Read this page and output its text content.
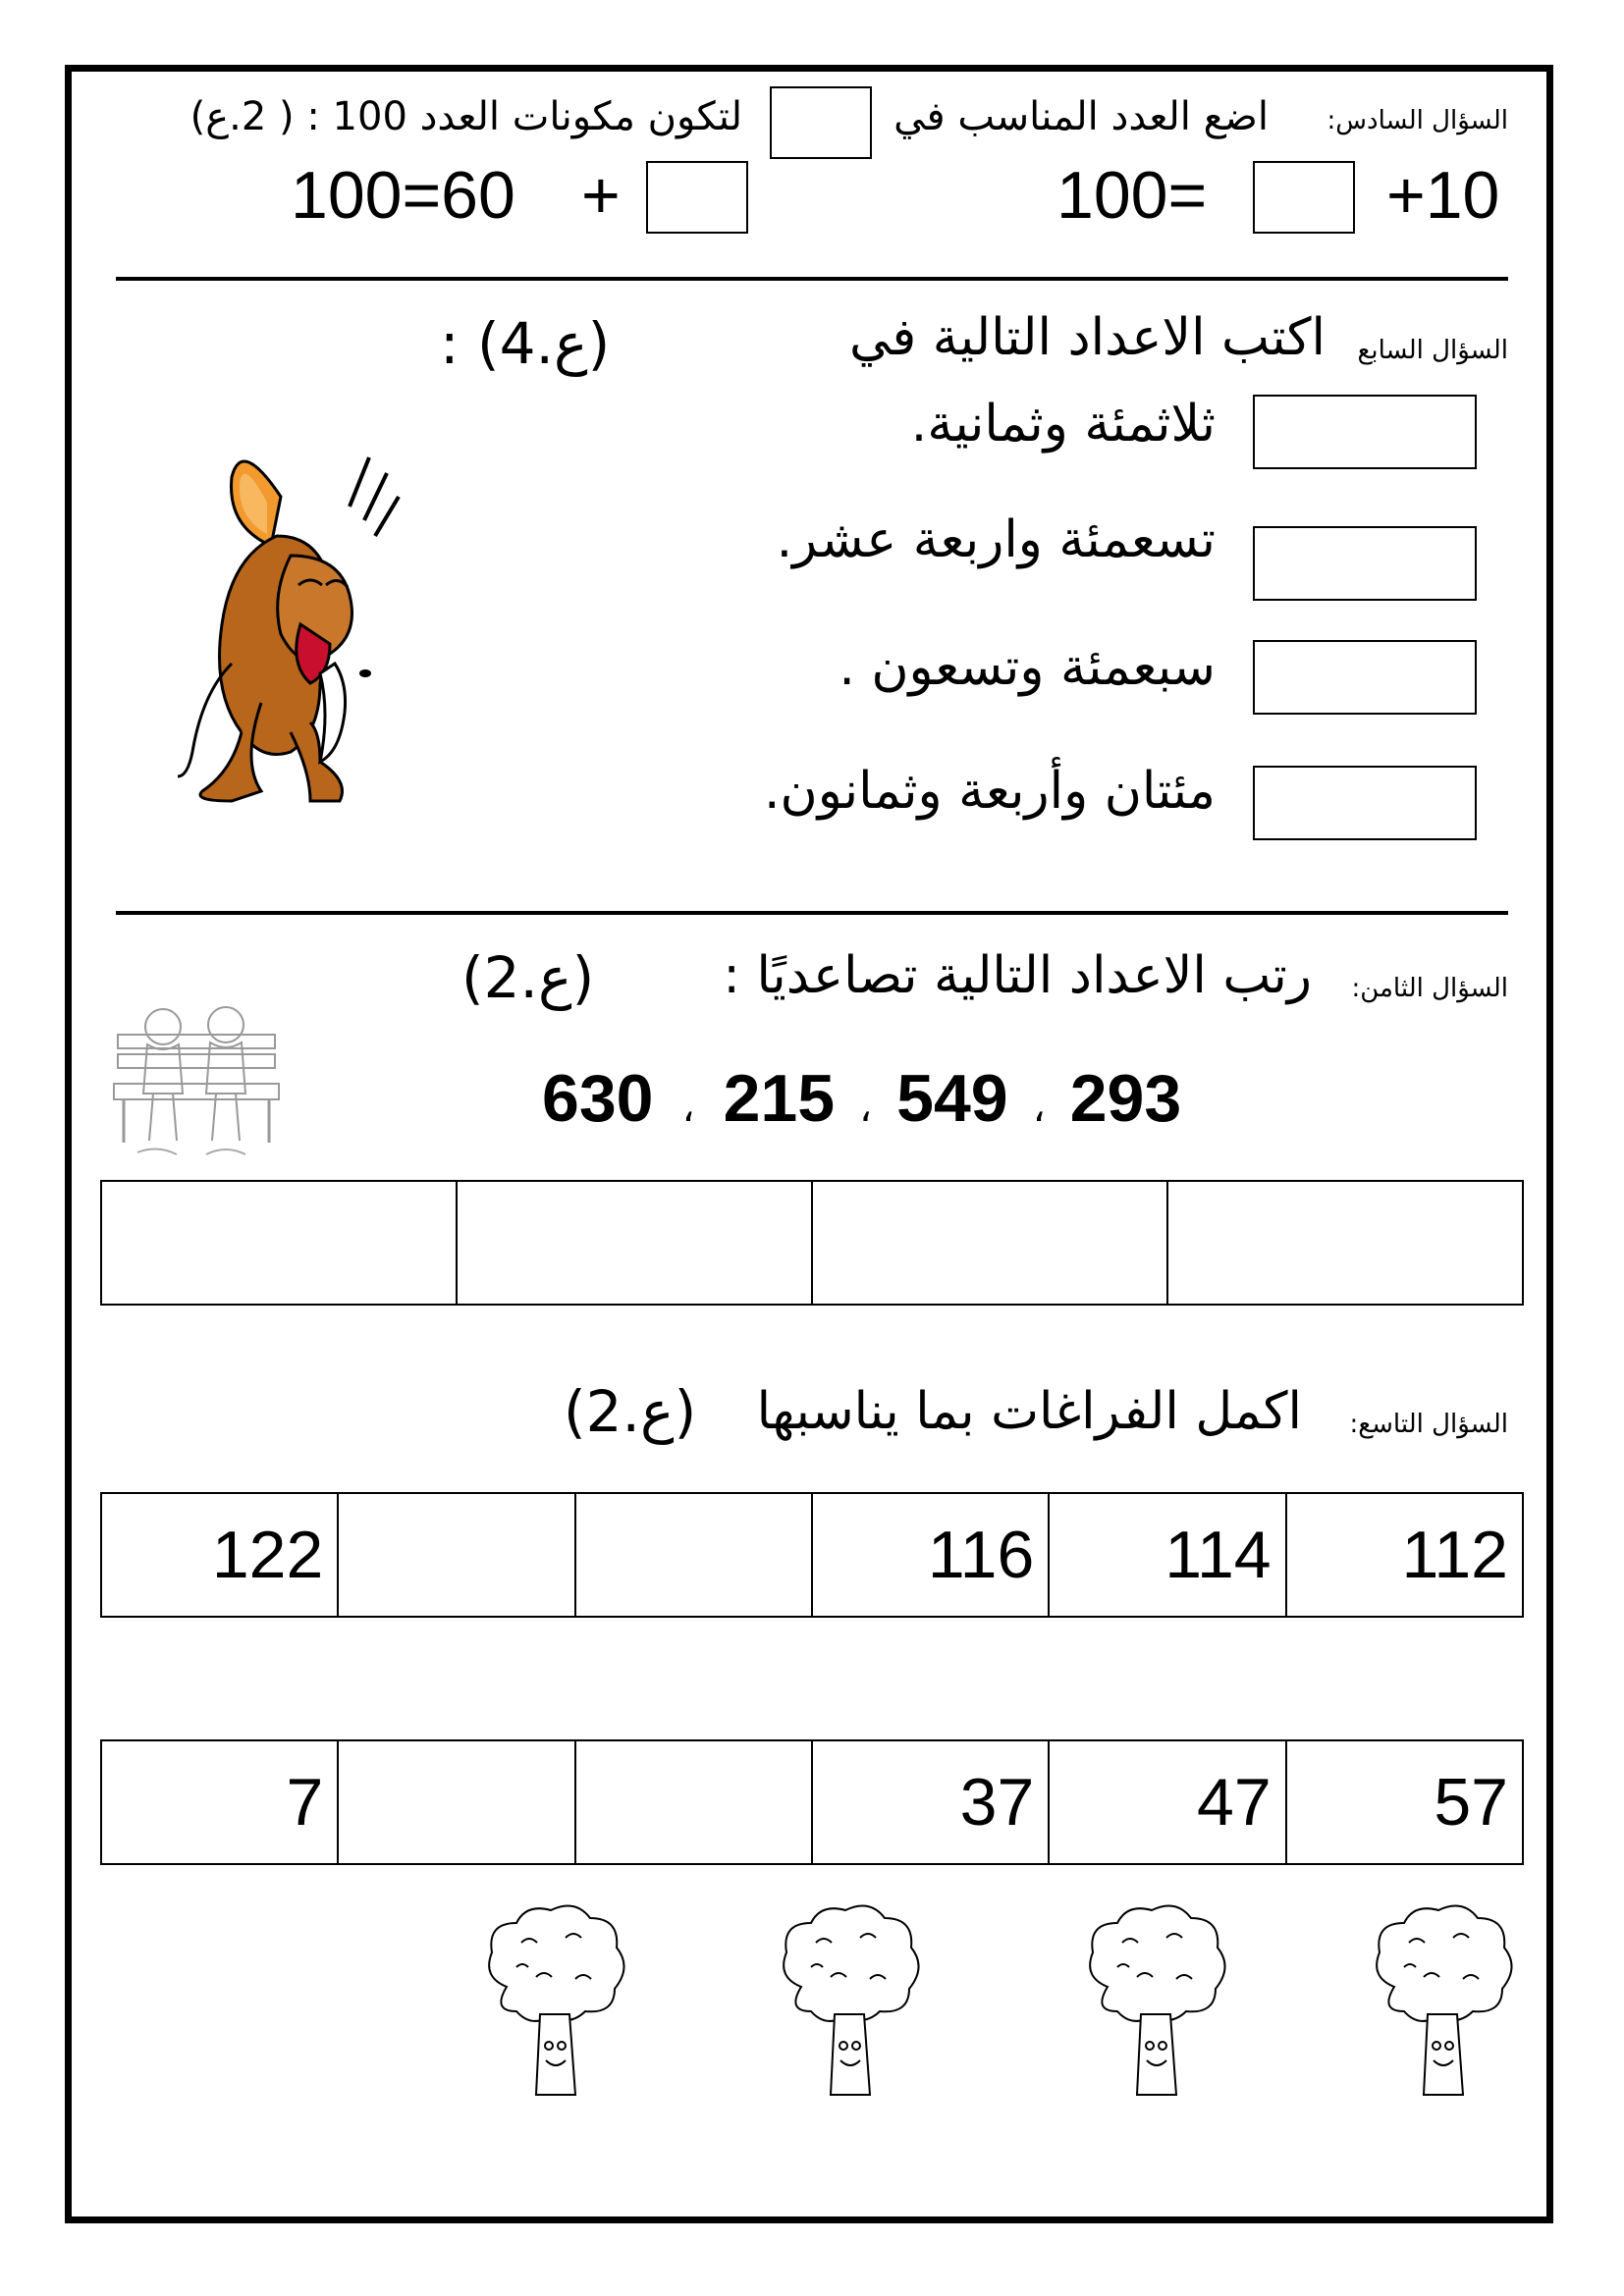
السؤال السادس:
اضع العدد المناسب في
لتكون مكونات العدد 100 : ( 2.ع)
+10
100=
+
100=60
السؤال السابع
اكتب الاعداد التالية في
: (4.ع)
ثلاثمئة وثمانية.
تسعمئة واربعة عشر.
سبعمئة وتسعون .
مئتان وأربعة وثمانون.
السؤال الثامن:
رتب الاعداد التالية تصاعديًا :
(2.ع)
630 ، 215 ، 549 ، 293
السؤال التاسع:
اكمل الفراغات بما يناسبها
(2.ع)
122	116 114 112
7	37 47 57
